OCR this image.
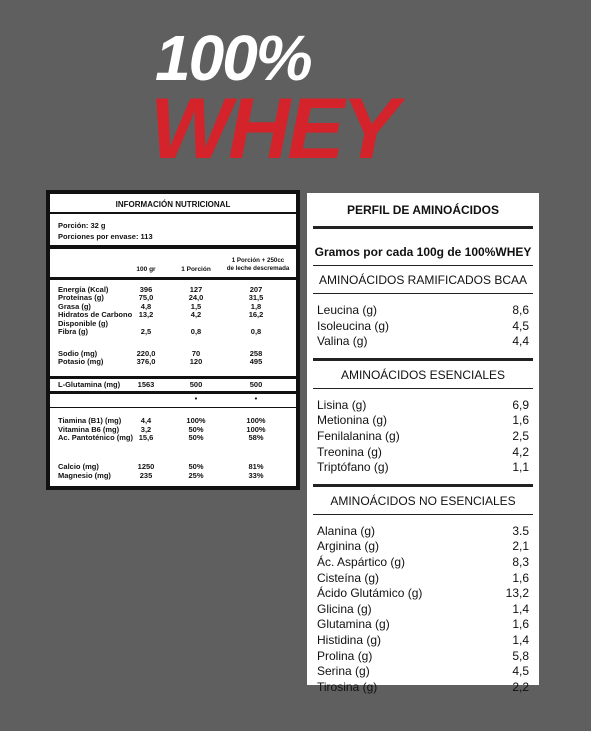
100%
WHEY
INFORMACIÓN NUTRICIONAL
Porción: 32 g
Porciones por envase: 113
100 gr	1 Porción
1 Porción + 250cc
de leche descremada
•	•
Energía (Kcal)	396	127	207
Proteínas (g)	75,0	24,0	31,5
Grasa (g)	4,8	1,5	1,8
Hidratos de Carbono 13,2	4,2	16,2
Disponible (g)
Fibra (g)	2,5	0,8	0,8
Sodio (mg)	220,0	70	258
Potasio (mg)	376,0	120	495
L-Glutamina (mg)	1563	500	500
Tiamina (B1) (mg)	4,4	100%	100%
Vitamina B6 (mg)	3,2	50%	100%
Ac. Pantoténico (mg) 15,6	50%	58%
Calcio (mg)	1250	50%	81%
Magnesio (mg)	235	25%	33%
PERFIL DE AMINOÁCIDOS
Gramos por cada 100g de 100%WHEY
AMINOÁCIDOS RAMIFICADOS BCAA
Leucina (g)	8,6
Isoleucina (g)	4,5
Valina (g)	4,4
AMINOÁCIDOS ESENCIALES
Lisina (g)	6,9
Metionina (g)	1,6
Fenilalanina (g)	2,5
Treonina (g)	4,2
Triptófano (g)	1,1
AMINOÁCIDOS NO ESENCIALES
Alanina (g)	3.5
Arginina (g)	2,1
Ác. Aspártico (g)	8,3
Cisteína (g)	1,6
Ácido Glutámico (g)	13,2
Glicina (g)	1,4
Glutamina (g)	1,6
Histidina (g)	1,4
Prolina (g)	5,8
Serina (g)	4,5
Tirosina (g)	2,2
